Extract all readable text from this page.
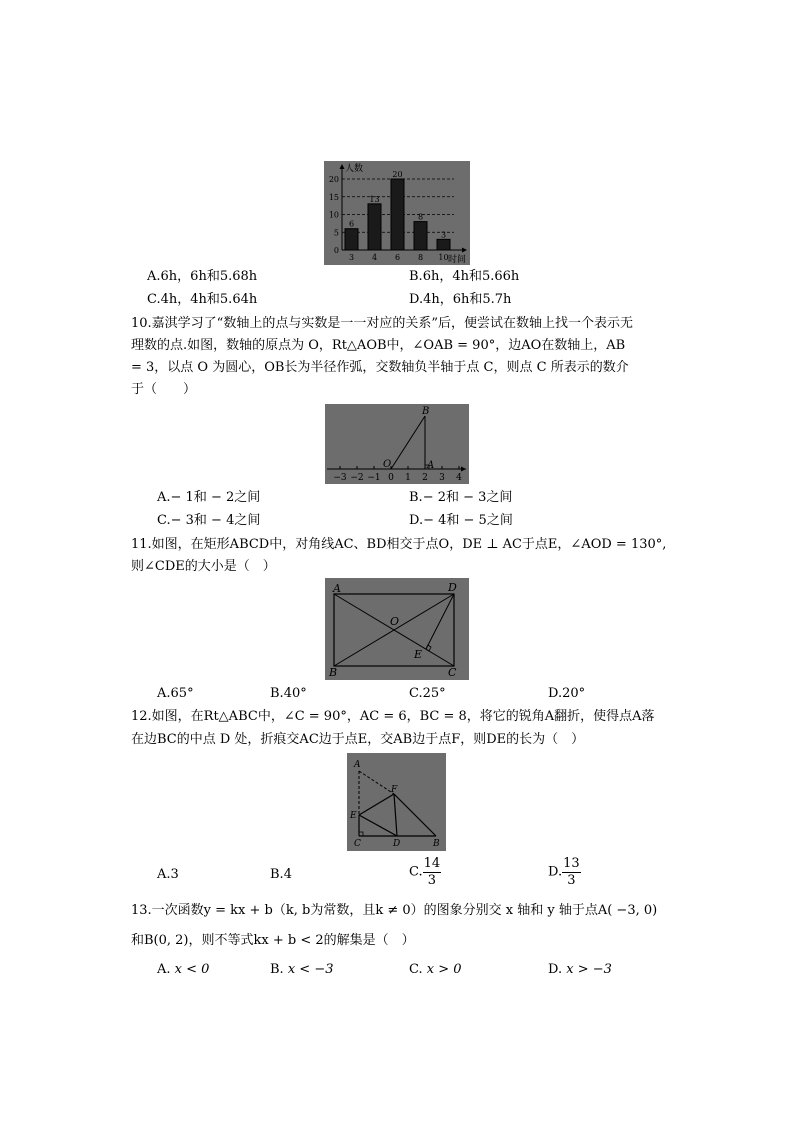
0
5
10
15
20
6
3
13
4
20
6
8
8
3
10
人数
时间
A.6h，6h和5.68h	B.6h，4h和5.66h
C.4h，4h和5.64h	D.4h，6h和5.7h
10.嘉淇学习了“数轴上的点与实数是一一对应的关系”后，便尝试在数轴上找一个表示无
理数的点.如图，数轴的原点为 O，Rt△AOB中，∠OAB = 90°，边AO在数轴上，AB
= 3，以点 O 为圆心，OB长为半径作弧，交数轴负半轴于点 C，则点 C 所表示的数介
于（　　）
B
O	A
−3 −2 −1 0 1 2 3 4
A.− 1和 − 2之间	B.− 2和 − 3之间
C.− 3和 − 4之间	D.− 4和 − 5之间
11.如图，在矩形ABCD中，对角线AC、BD相交于点O，DE ⊥ AC于点E，∠AOD = 130°,
则∠CDE的大小是（　）
A	D
B	C
O
E
A.65°	B.40°	C.25°	D.20°
12.如图，在Rt△ABC中，∠C = 90°，AC = 6，BC = 8，将它的锐角A翻折，使得点A落
在边BC的中点 D 处，折痕交AC边于点E，交AB边于点F，则DE的长为（　）
A
F
E
C	D	B
A.3	B.4	C. $\frac{14}{3}$	D. $\frac{13}{3}$
13.一次函数y = kx + b（k, b为常数，且k ≠ 0）的图象分别交 x 轴和 y 轴于点A( −3, 0)
和B(0, 2)，则不等式kx + b < 2的解集是（　）
A. x < 0	B. x < −3	C. x > 0	D. x > −3
